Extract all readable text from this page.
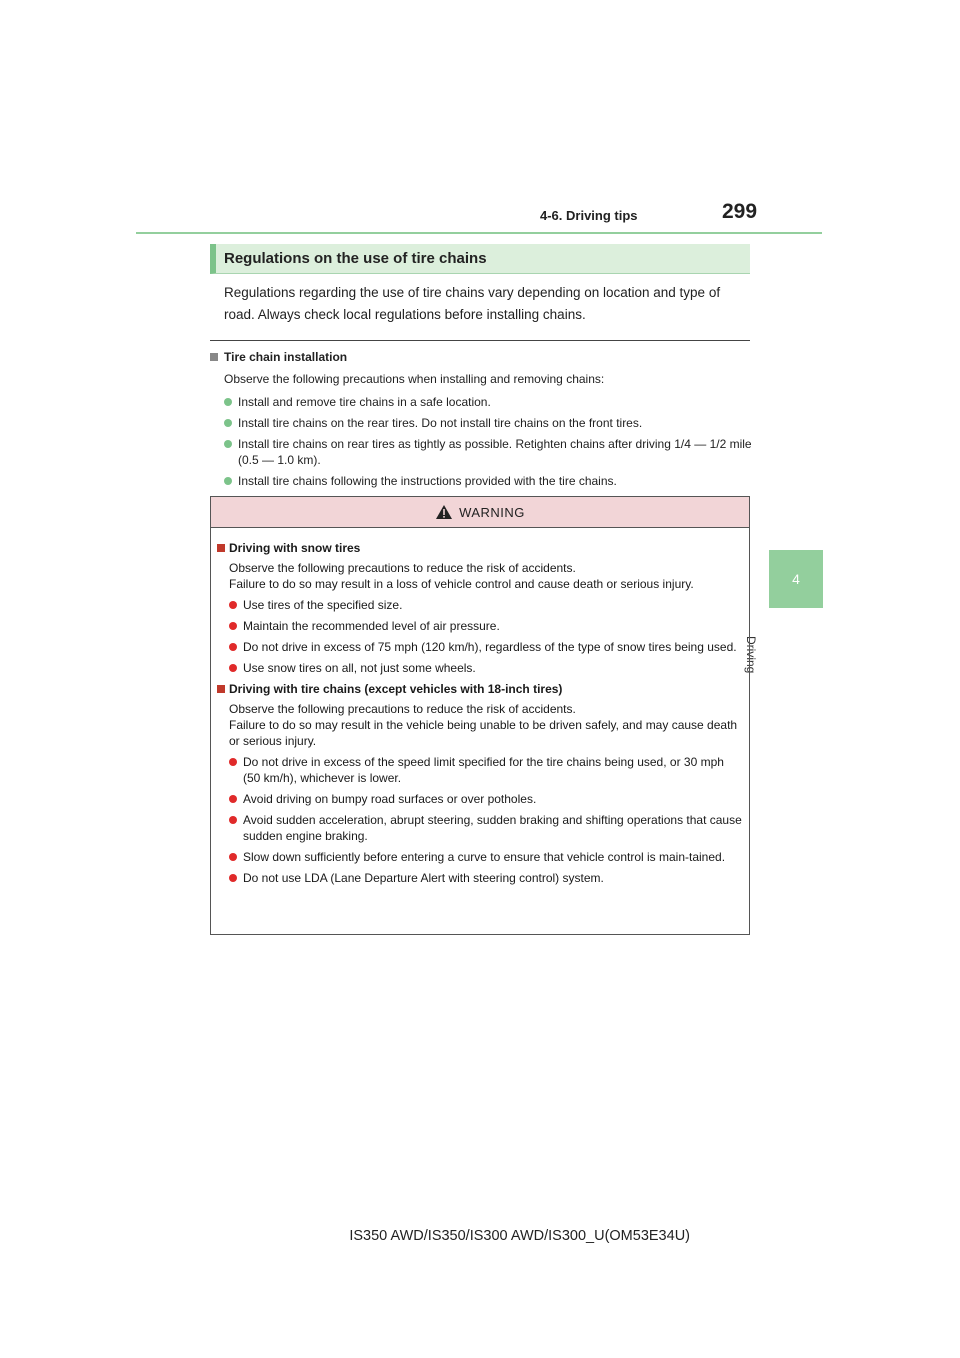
4-6. Driving tips	299
4
Driving
Regulations on the use of tire chains
Regulations regarding the use of tire chains vary depending on location and type of road. Always check local regulations before installing chains.
Tire chain installation
Observe the following precautions when installing and removing chains:
Install and remove tire chains in a safe location.
Install tire chains on the rear tires. Do not install tire chains on the front tires.
Install tire chains on rear tires as tightly as possible. Retighten chains after driving 1/4 — 1/2 mile (0.5 — 1.0 km).
Install tire chains following the instructions provided with the tire chains.
WARNING
Driving with snow tires
Observe the following precautions to reduce the risk of accidents.
Failure to do so may result in a loss of vehicle control and cause death or serious injury.
Use tires of the specified size.
Maintain the recommended level of air pressure.
Do not drive in excess of 75 mph (120 km/h), regardless of the type of snow tires being used.
Use snow tires on all, not just some wheels.
Driving with tire chains (except vehicles with 18-inch tires)
Observe the following precautions to reduce the risk of accidents.
Failure to do so may result in the vehicle being unable to be driven safely, and may cause death or serious injury.
Do not drive in excess of the speed limit specified for the tire chains being used, or 30 mph (50 km/h), whichever is lower.
Avoid driving on bumpy road surfaces or over potholes.
Avoid sudden acceleration, abrupt steering, sudden braking and shifting operations that cause sudden engine braking.
Slow down sufficiently before entering a curve to ensure that vehicle control is main-tained.
Do not use LDA (Lane Departure Alert with steering control) system.
IS350 AWD/IS350/IS300 AWD/IS300_U(OM53E34U)
